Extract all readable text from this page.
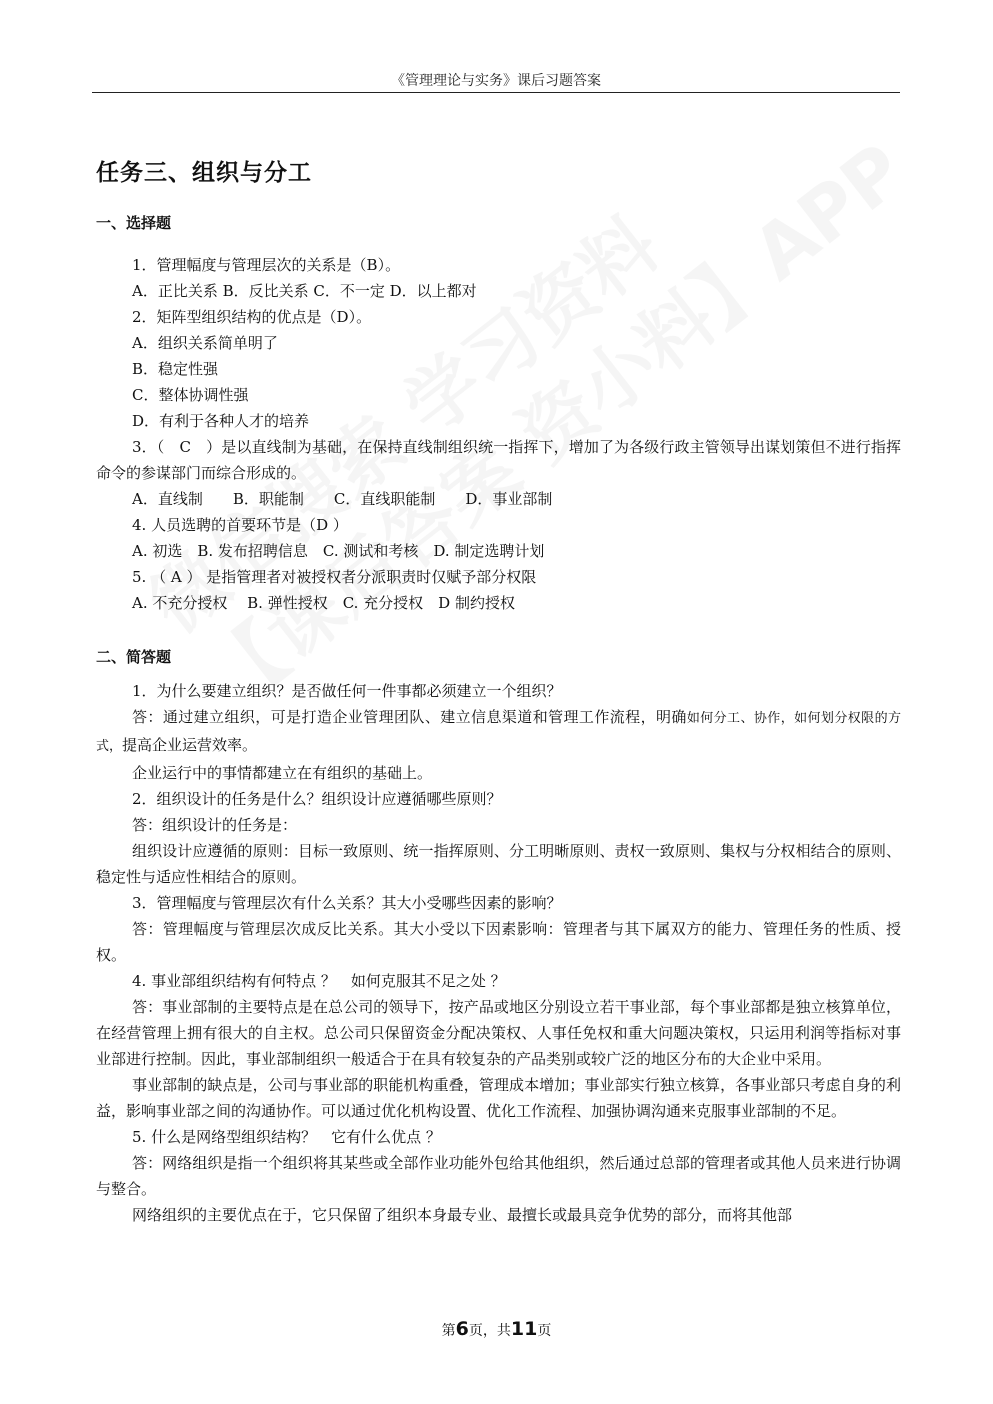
《管理理论与实务》课后习题答案
任务三、组织与分工
一、选择题
1．管理幅度与管理层次的关系是（B）。
A．正比关系 B．反比关系 C．不一定 D．以上都对
2．矩阵型组织结构的优点是（D）。
A．组织关系简单明了
B．稳定性强
C．整体协调性强
D．有利于各种人才的培养
3．（　C　）是以直线制为基础，在保持直线制组织统一指挥下，增加了为各级行政主管领导出谋划策但不进行指挥命令的参谋部门而综合形成的。
A．直线制　　B．职能制　　C．直线职能制　　D．事业部制
4. 人员选聘的首要环节是（D ）
A. 初选　B. 发布招聘信息　C. 测试和考核　D. 制定选聘计划
5. （ A ） 是指管理者对被授权者分派职责时仅赋予部分权限
A. 不充分授权　 B. 弹性授权　C. 充分授权　D 制约授权
二、简答题
1．为什么要建立组织？是否做任何一件事都必须建立一个组织？
答：通过建立组织，可是打造企业管理团队、建立信息渠道和管理工作流程，明确如何分工、协作，如何划分权限的方式，提高企业运营效率。
企业运行中的事情都建立在有组织的基础上。
2．组织设计的任务是什么？组织设计应遵循哪些原则？
答：组织设计的任务是：
组织设计应遵循的原则：目标一致原则、统一指挥原则、分工明晰原则、责权一致原则、集权与分权相结合的原则、稳定性与适应性相结合的原则。
3．管理幅度与管理层次有什么关系？其大小受哪些因素的影响？
答：管理幅度与管理层次成反比关系。其大小受以下因素影响：管理者与其下属双方的能力、管理任务的性质、授权。
4. 事业部组织结构有何特点 ？　如何克服其不足之处 ？
答：事业部制的主要特点是在总公司的领导下，按产品或地区分别设立若干事业部，每个事业部都是独立核算单位，在经营管理上拥有很大的自主权。总公司只保留资金分配决策权、人事任免权和重大问题决策权，只运用利润等指标对事业部进行控制。因此，事业部制组织一般适合于在具有较复杂的产品类别或较广泛的地区分布的大企业中采用。
事业部制的缺点是，公司与事业部的职能机构重叠，管理成本增加；事业部实行独立核算，各事业部只考虑自身的利益，影响事业部之间的沟通协作。可以通过优化机构设置、优化工作流程、加强协调沟通来克服事业部制的不足。
5. 什么是网络型组织结构？　它有什么优点 ？
答：网络组织是指一个组织将其某些或全部作业功能外包给其他组织，然后通过总部的管理者或其他人员来进行协调与整合。
网络组织的主要优点在于，它只保留了组织本身最专业、最擅长或最具竞争优势的部分，而将其他部
第6页，共11页
